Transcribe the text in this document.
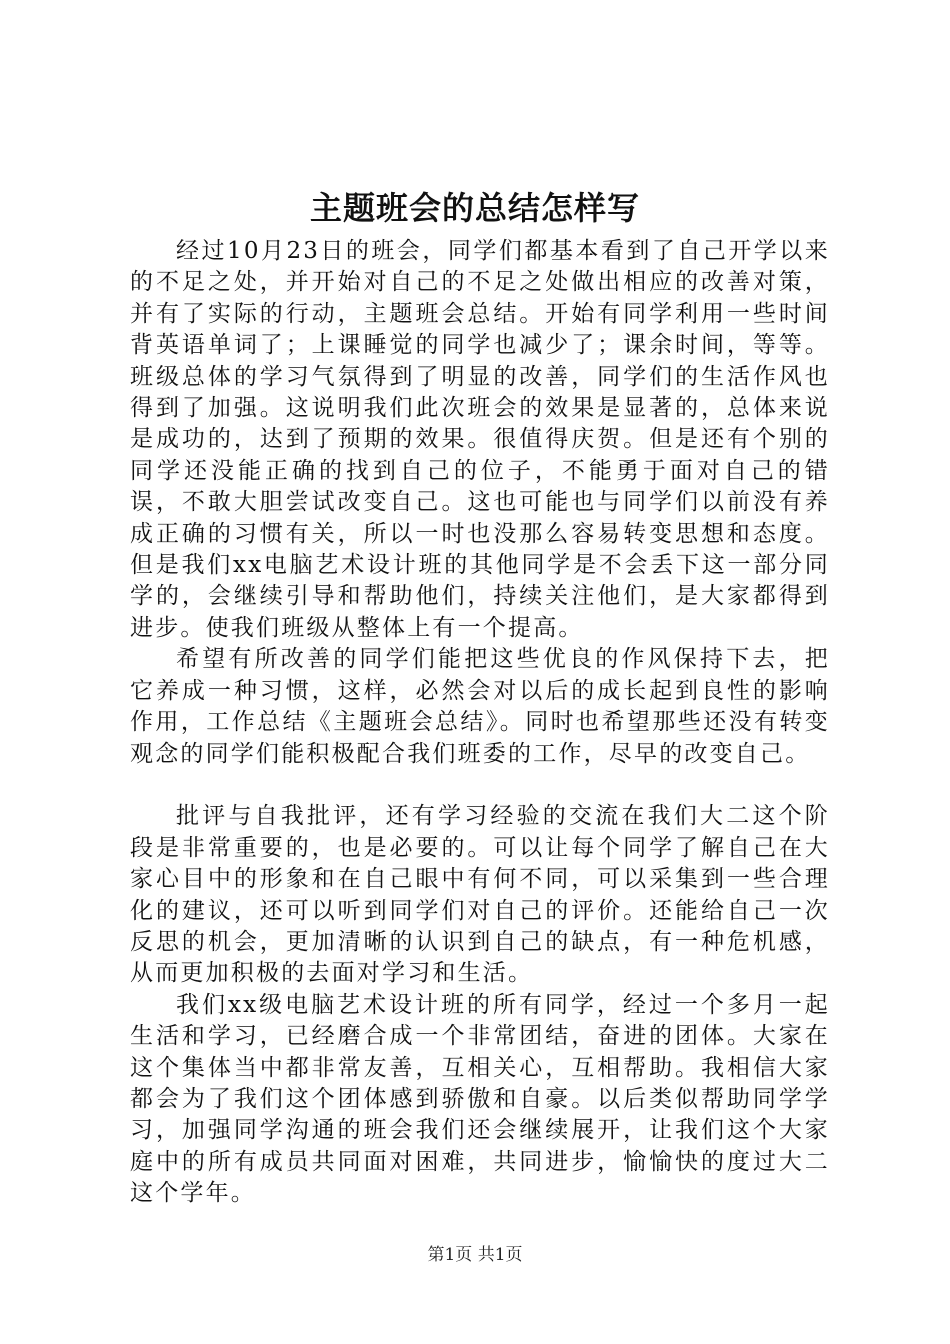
主题班会的总结怎样写

经过10月23日的班会，同学们都基本看到了自己开学以来的不足之处，并开始对自己的不足之处做出相应的改善对策，并有了实际的行动，主题班会总结。开始有同学利用一些时间背英语单词了；上课睡觉的同学也减少了；课余时间，等等。班级总体的学习气氛得到了明显的改善，同学们的生活作风也得到了加强。这说明我们此次班会的效果是显著的，总体来说是成功的，达到了预期的效果。很值得庆贺。但是还有个别的同学还没能正确的找到自己的位子，不能勇于面对自己的错误，不敢大胆尝试改变自己。这也可能也与同学们以前没有养成正确的习惯有关，所以一时也没那么容易转变思想和态度。但是我们xx电脑艺术设计班的其他同学是不会丢下这一部分同学的，会继续引导和帮助他们，持续关注他们，是大家都得到进步。使我们班级从整体上有一个提高。

希望有所改善的同学们能把这些优良的作风保持下去，把它养成一种习惯，这样，必然会对以后的成长起到良性的影响作用，工作总结《主题班会总结》。同时也希望那些还没有转变观念的同学们能积极配合我们班委的工作，尽早的改变自己。

批评与自我批评，还有学习经验的交流在我们大二这个阶段是非常重要的，也是必要的。可以让每个同学了解自己在大家心目中的形象和在自己眼中有何不同，可以采集到一些合理化的建议，还可以听到同学们对自己的评价。还能给自己一次反思的机会，更加清晰的认识到自己的缺点，有一种危机感，从而更加积极的去面对学习和生活。

我们xx级电脑艺术设计班的所有同学，经过一个多月一起生活和学习，已经磨合成一个非常团结，奋进的团体。大家在这个集体当中都非常友善，互相关心，互相帮助。我相信大家都会为了我们这个团体感到骄傲和自豪。以后类似帮助同学学习，加强同学沟通的班会我们还会继续展开，让我们这个大家庭中的所有成员共同面对困难，共同进步，愉愉快的度过大二这个学年。

第1页 共1页
